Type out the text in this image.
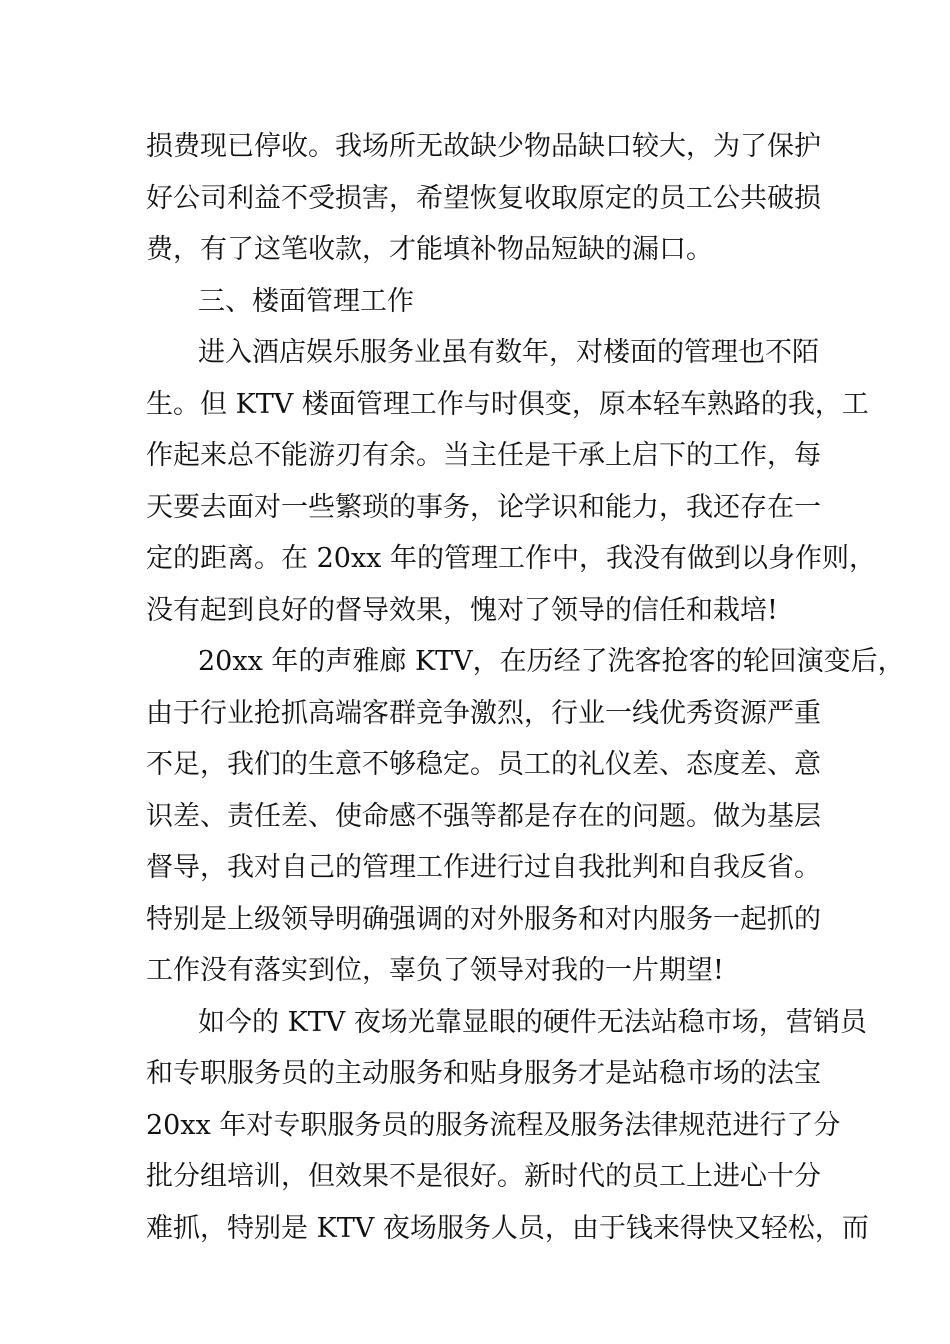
损费现已停收。我场所无故缺少物品缺口较大，为了保护
好公司利益不受损害，希望恢复收取原定的员工公共破损
费，有了这笔收款，才能填补物品短缺的漏口。
三、楼面管理工作
进入酒店娱乐服务业虽有数年，对楼面的管理也不陌
生。但 KTV 楼面管理工作与时俱变，原本轻车熟路的我，工
作起来总不能游刃有余。当主任是干承上启下的工作，每
天要去面对一些繁琐的事务，论学识和能力，我还存在一
定的距离。在 20xx 年的管理工作中，我没有做到以身作则，
没有起到良好的督导效果，愧对了领导的信任和栽培!
20xx 年的声雅廊 KTV，在历经了洗客抢客的轮回演变后，
由于行业抢抓高端客群竞争激烈，行业一线优秀资源严重
不足，我们的生意不够稳定。员工的礼仪差、态度差、意
识差、责任差、使命感不强等都是存在的问题。做为基层
督导，我对自己的管理工作进行过自我批判和自我反省。
特别是上级领导明确强调的对外服务和对内服务一起抓的
工作没有落实到位，辜负了领导对我的一片期望!
如今的 KTV 夜场光靠显眼的硬件无法站稳市场，营销员
和专职服务员的主动服务和贴身服务才是站稳市场的法宝
20xx 年对专职服务员的服务流程及服务法律规范进行了分
批分组培训，但效果不是很好。新时代的员工上进心十分
难抓，特别是 KTV 夜场服务人员，由于钱来得快又轻松，而
